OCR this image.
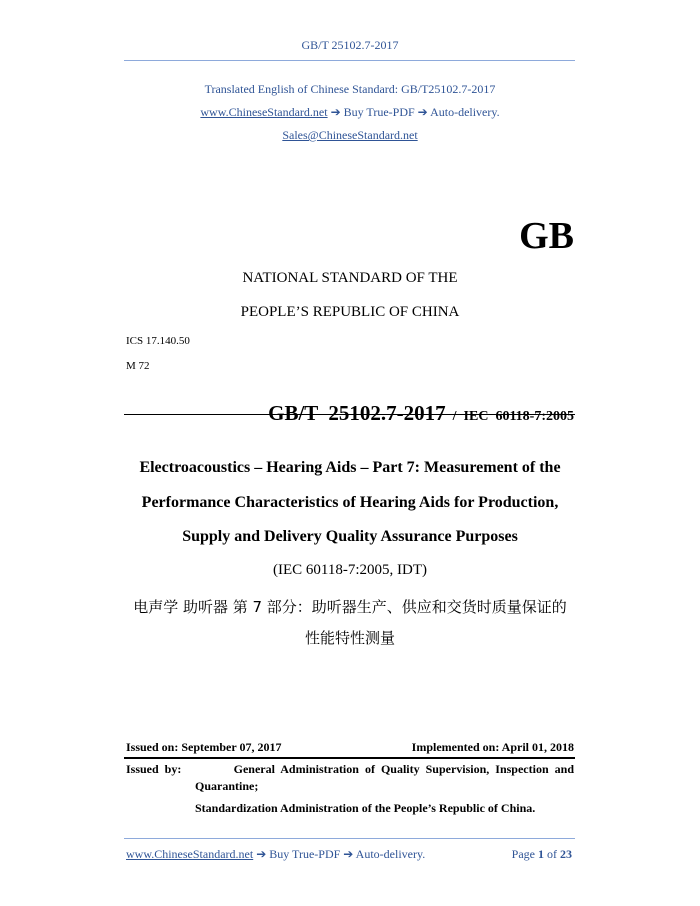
GB/T 25102.7-2017
Translated English of Chinese Standard: GB/T25102.7-2017
www.ChineseStandard.net ➔ Buy True-PDF ➔ Auto-delivery.
Sales@ChineseStandard.net
GB
NATIONAL STANDARD OF THE
PEOPLE’S REPUBLIC OF CHINA
ICS 17.140.50
M 72

GB/T  25102.7-2017 /  IEC  60118-7:2005

Electroacoustics – Hearing Aids – Part 7: Measurement of the
Performance Characteristics of Hearing Aids for Production,
Supply and Delivery Quality Assurance Purposes
(IEC 60118-7:2005, IDT)
电声学 助听器 第 7 部分：助听器生产、供应和交货时质量保证的
性能特性测量
Issued on: September 07, 2017	Implemented on: April 01, 2018
Issued  by:	General  Administration  of  Quality  Supervision,  Inspection  and
Quarantine;
Standardization Administration of the People’s Republic of China.
www.ChineseStandard.net ➔ Buy True-PDF ➔ Auto-delivery.	Page 1 of 23
